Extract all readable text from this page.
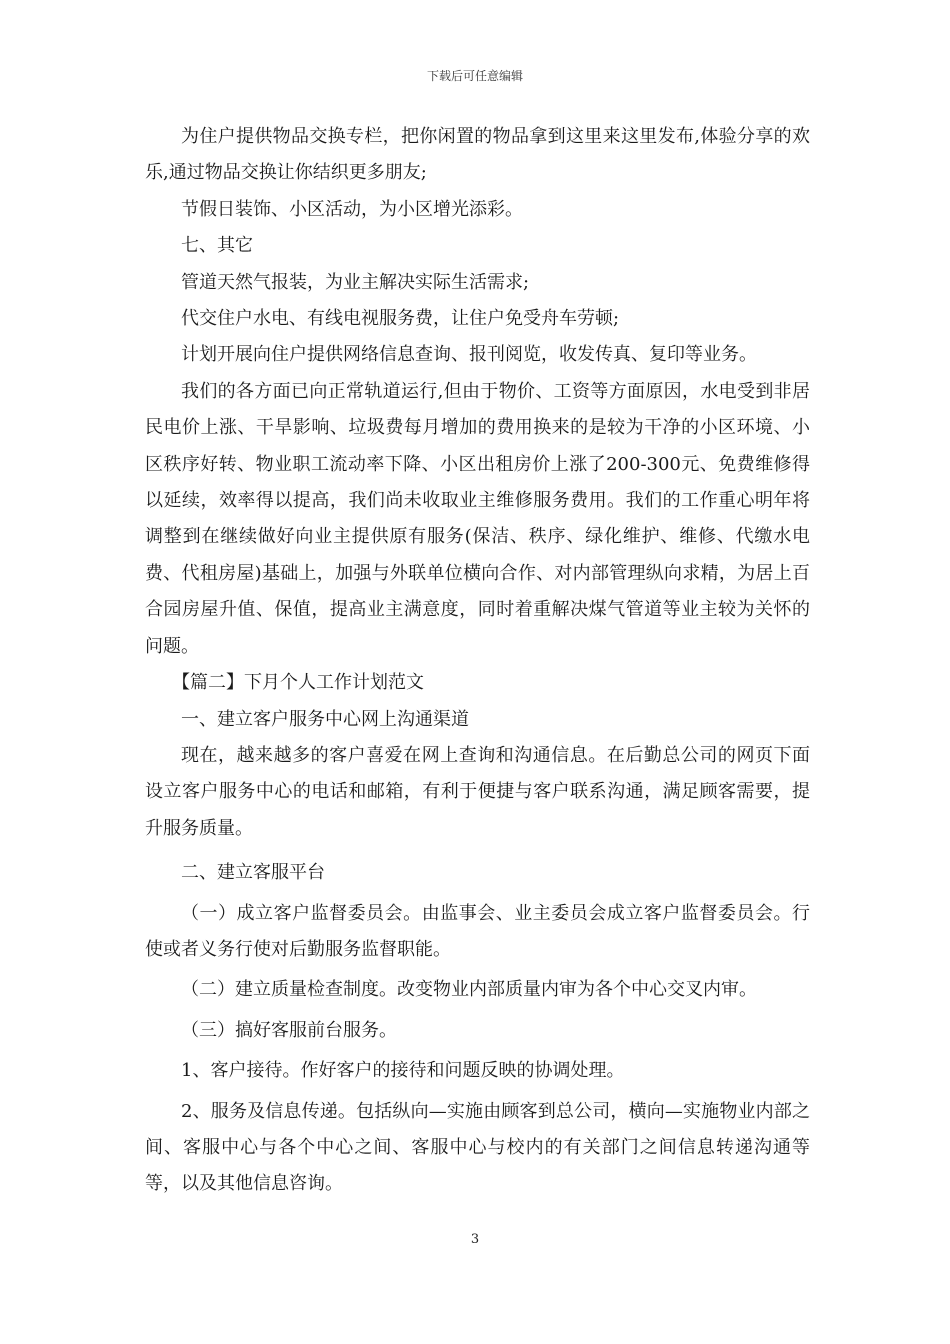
下载后可任意编辑

为住户提供物品交换专栏，把你闲置的物品拿到这里来这里发布,体验分享的欢乐,通过物品交换让你结织更多朋友;

节假日装饰、小区活动，为小区增光添彩。

七、其它

管道天然气报装，为业主解决实际生活需求;

代交住户水电、有线电视服务费，让住户免受舟车劳顿;

计划开展向住户提供网络信息查询、报刊阅览，收发传真、复印等业务。

我们的各方面已向正常轨道运行,但由于物价、工资等方面原因，水电受到非居民电价上涨、干旱影响、垃圾费每月增加的费用换来的是较为干净的小区环境、小区秩序好转、物业职工流动率下降、小区出租房价上涨了200-300元、免费维修得以延续，效率得以提高，我们尚未收取业主维修服务费用。我们的工作重心明年将调整到在继续做好向业主提供原有服务(保洁、秩序、绿化维护、维修、代缴水电费、代租房屋)基础上，加强与外联单位横向合作、对内部管理纵向求精，为居上百合园房屋升值、保值，提高业主满意度，同时着重解决煤气管道等业主较为关怀的问题。

【篇二】下月个人工作计划范文

一、建立客户服务中心网上沟通渠道

现在，越来越多的客户喜爱在网上查询和沟通信息。在后勤总公司的网页下面设立客户服务中心的电话和邮箱，有利于便捷与客户联系沟通，满足顾客需要，提升服务质量。

二、建立客服平台

（一）成立客户监督委员会。由监事会、业主委员会成立客户监督委员会。行使或者义务行使对后勤服务监督职能。

（二）建立质量检查制度。改变物业内部质量内审为各个中心交叉内审。

（三）搞好客服前台服务。

1、客户接待。作好客户的接待和问题反映的协调处理。

2、服务及信息传递。包括纵向—实施由顾客到总公司，横向—实施物业内部之间、客服中心与各个中心之间、客服中心与校内的有关部门之间信息转递沟通等等，以及其他信息咨询。

3
